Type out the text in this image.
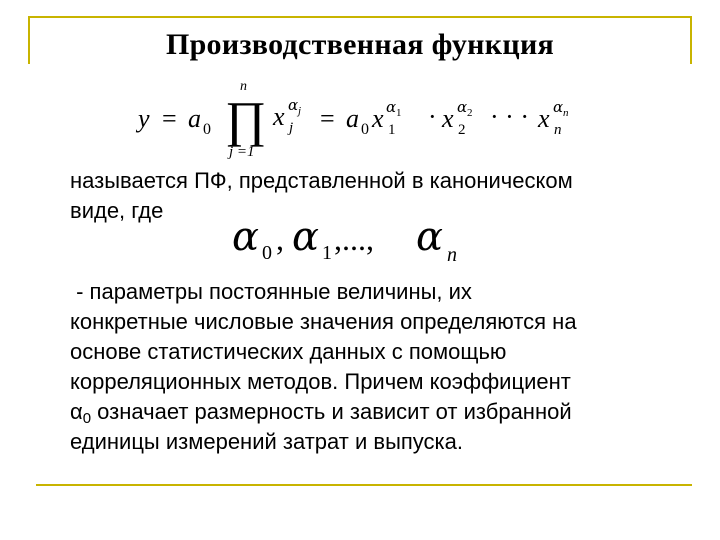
Производственная функция
y = a 0
n
∏
j =1
x j
α j = a 0 x 1
α 1 · x 2
α 2 · · · x n
α n
называется ПФ, представленной в каноническом
виде, где
α 0 , α 1 ,..., α n
- параметры постоянные величины, их
конкретные числовые значения определяются на
основе статистических данных с помощью
корреляционных методов. Причем коэффициент
$\alpha_0$ означает размерность и зависит от избранной
единицы измерений затрат и выпуска.
